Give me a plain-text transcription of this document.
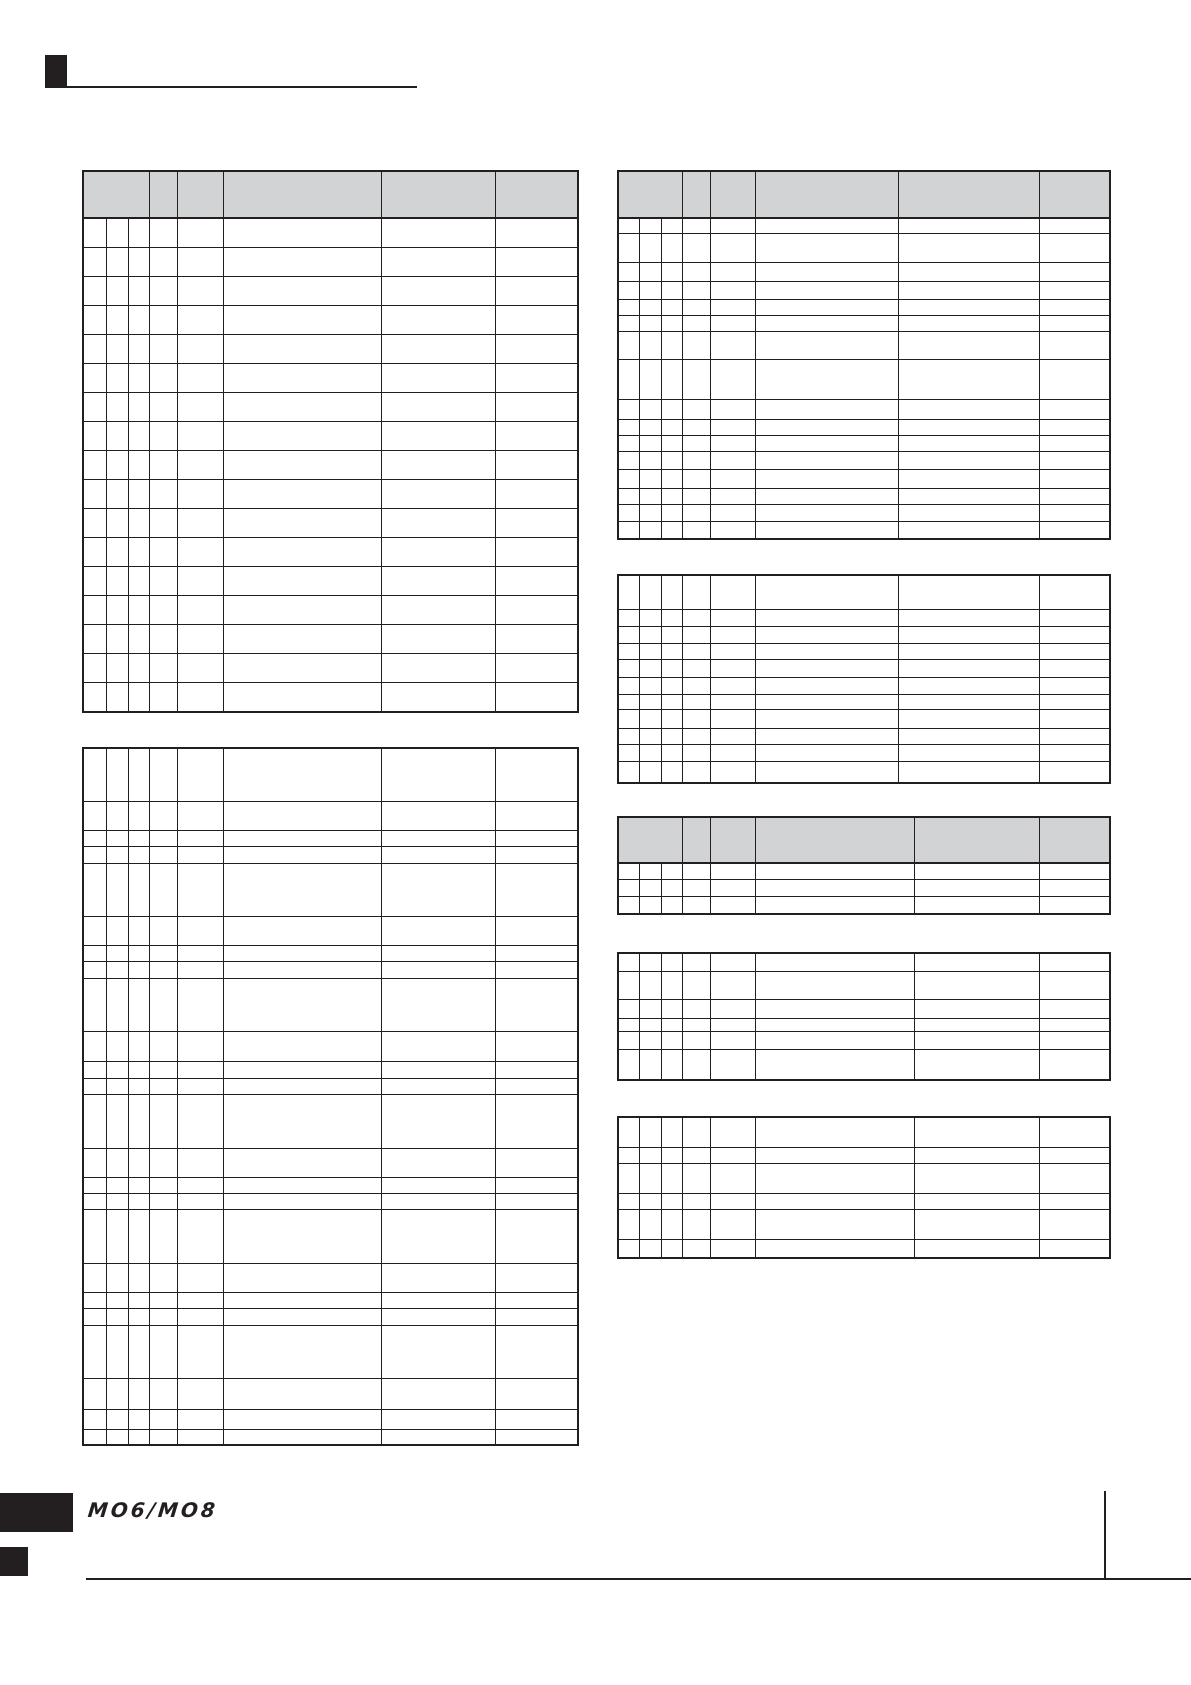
MO6/MO8
